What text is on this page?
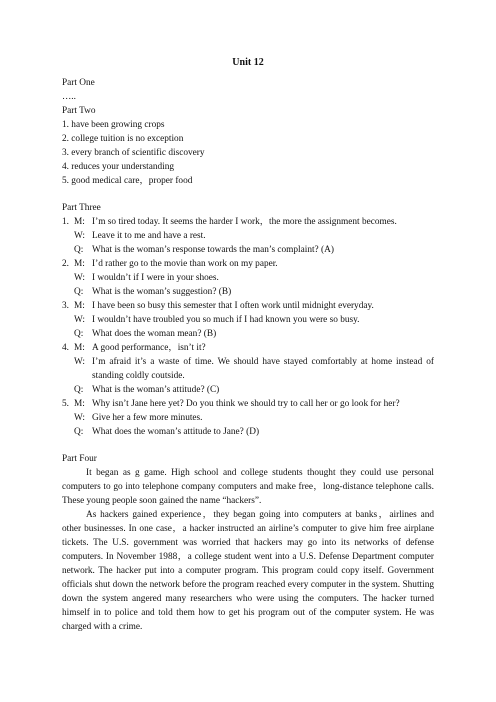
Unit 12
Part One
…..
Part Two
1. have been growing crops
2. college tuition is no exception
3. every branch of scientific discovery
4. reduces your understanding
5. good medical care，proper food
Part Three
1. M: I’m so tired today. It seems the harder I work，the more the assignment becomes.
W: Leave it to me and have a rest.
Q: What is the woman’s response towards the man’s complaint? (A)
2. M: I’d rather go to the movie than work on my paper.
W: I wouldn’t if I were in your shoes.
Q: What is the woman’s suggestion? (B)
3. M: I have been so busy this semester that I often work until midnight everyday.
W: I wouldn’t have troubled you so much if I had known you were so busy.
Q: What does the woman mean? (B)
4. M: A good performance，isn’t it?
W: I’m afraid it’s a waste of time. We should have stayed comfortably at home instead of standing coldly coutside.
Q: What is the woman’s attitude? (C)
5. M: Why isn’t Jane here yet? Do you think we should try to call her or go look for her?
W: Give her a few more minutes.
Q: What does the woman’s attitude to Jane? (D)
Part Four

It began as g game. High school and college students thought they could use personal computers to go into telephone company computers and make free，long-distance telephone calls. These young people soon gained the name “hackers”.

As hackers gained experience，they began going into computers at banks，airlines and other businesses. In one case，a hacker instructed an airline’s computer to give him free airplane tickets. The U.S. government was worried that hackers may go into its networks of defense computers. In November 1988，a college student went into a U.S. Defense Department computer network. The hacker put into a computer program. This program could copy itself. Government officials shut down the network before the program reached every computer in the system. Shutting down the system angered many researchers who were using the computers. The hacker turned himself in to police and told them how to get his program out of the computer system. He was charged with a crime.
